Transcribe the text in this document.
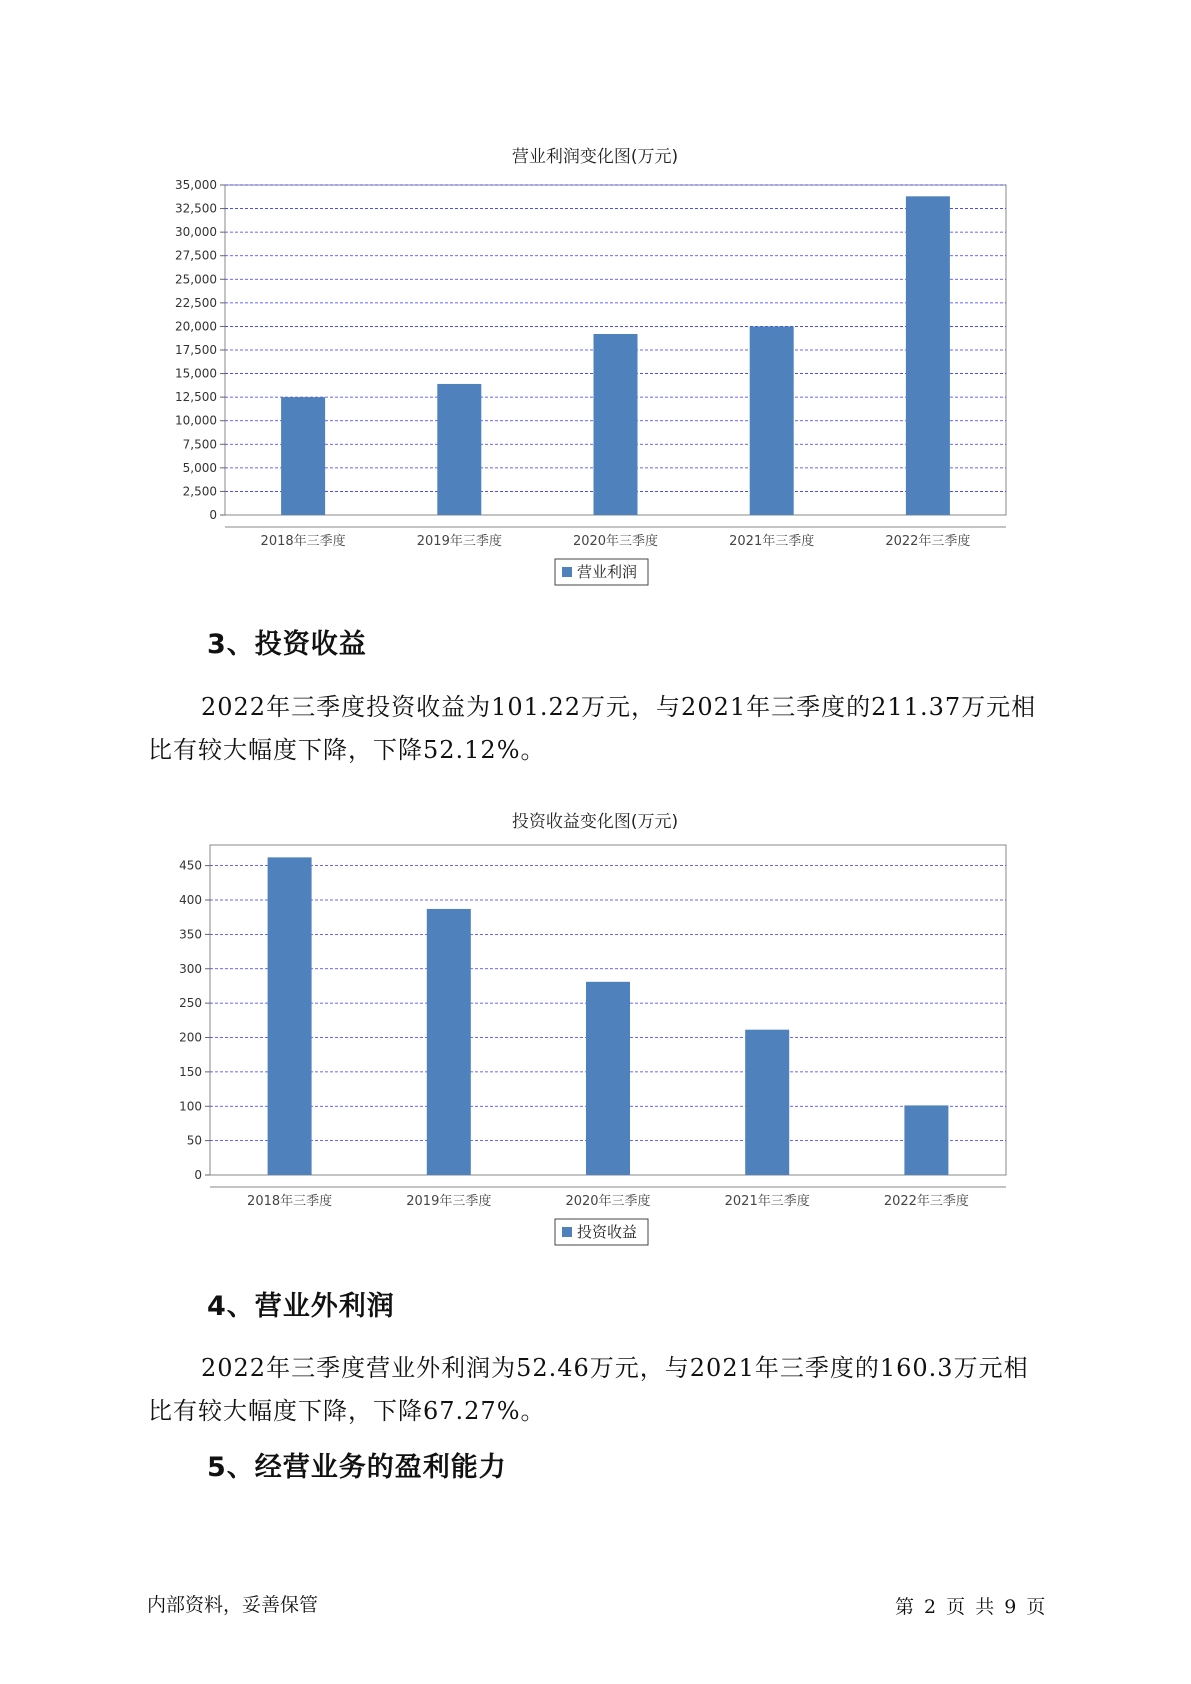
营业利润变化图(万元)
0
2,500
5,000
7,500
10,000
12,500
15,000
17,500
20,000
22,500
25,000
27,500
30,000
32,500
35,000
2018年三季度	2019年三季度	2020年三季度	2021年三季度	2022年三季度
营业利润
3、投资收益

2022年三季度投资收益为101.22万元，与2021年三季度的211.37万元相比有较大幅度下降，下降52.12%。

投资收益变化图(万元)
0
50
100
150
200
250
300
350
400
450
2018年三季度	2019年三季度	2020年三季度	2021年三季度	2022年三季度
投资收益
4、营业外利润

2022年三季度营业外利润为52.46万元，与2021年三季度的160.3万元相比有较大幅度下降，下降67.27%。

5、经营业务的盈利能力
内部资料，妥善保管	第 2 页 共 9 页
